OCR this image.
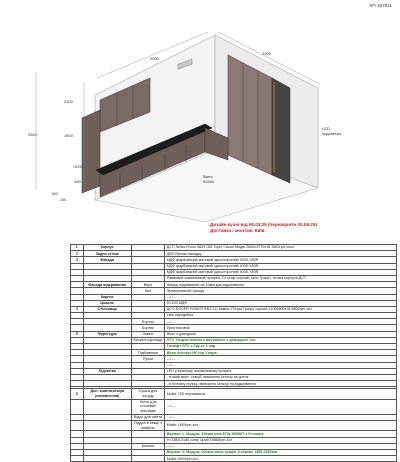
КП 197811
2300
1500
1000
400
2500
2000
2300
600
100
LED подсветка
Вікно 50х50
Дизайн кухні від 06.03.25 (переварити 30.09.25)
Доставка і монтаж: Київ
1	Корпус		ДСП Swiss Krono 5829 ОМ Торін Сасил Модві 2800х2070х18 3582грн./лист
2	Задня стінка		ДВП Вінтаж насадку
3	Фасади		МДФ фарбований матовий односторонній 4005-Y80R
			МДФ фарбований матовий односторонній 4005-Y80R
			МДФ фарбований матовий односторонній 4005-Y80R
			Рамковий алюмінієвий профіль Z4 колір чорний, скло Графіт, тильні корпуси ДСТ
	Фасади відкривання	Верх	Фасад подовжений на 10мм для відкривання
		Низ	Фрезерований фасад
	Карниз		---/---
	Цоколь		H=100 МДФ
4	Стільниця		ДСП EGGER F206/ST9/В3-1U Камінь П'єтра Грифо чорний 4100х600х38 5600грн./шт
			стик євродейла
		Бортик	---/---
		Бортик	Пристінковий
5	Фурнітура	Завіси	Blum з доводкою
		Висувні шухляди	GTV Тандем повного висування з доводкою 7шт
			Газліфт GTV з Гру-ег 3 пар
		Підйомники	Blum Aventos HF top 1 пара
		Ручки	---/---
			---/---
	Підсвітка		LED у врізному алюмінієвому профілі
			- в шаф верх. секцій, вмикання сенсор на дотик
			- в бічному полиці, вмикання сенсор на відкривання

6	Доп. комплектація (наповнення)	Сушка для посуду	Muller 700 нержавіюча
		Лоток для столових приладів	---/---
		Відро для сміття	---/---
		Піддон в секції з мийкою	Muller 1600грн./шт
			Варіант 1: Модуль 300мм Inox ЕЛіс 8958К7 з 5 полиці
			H=1860-2185 колір сірий 19885грн./шт
		Колони	---/---
			Варіант 2: Модуль 300мм колір графіт 5 корзин 1850-2050мм
			Muller 9000грн./шт
